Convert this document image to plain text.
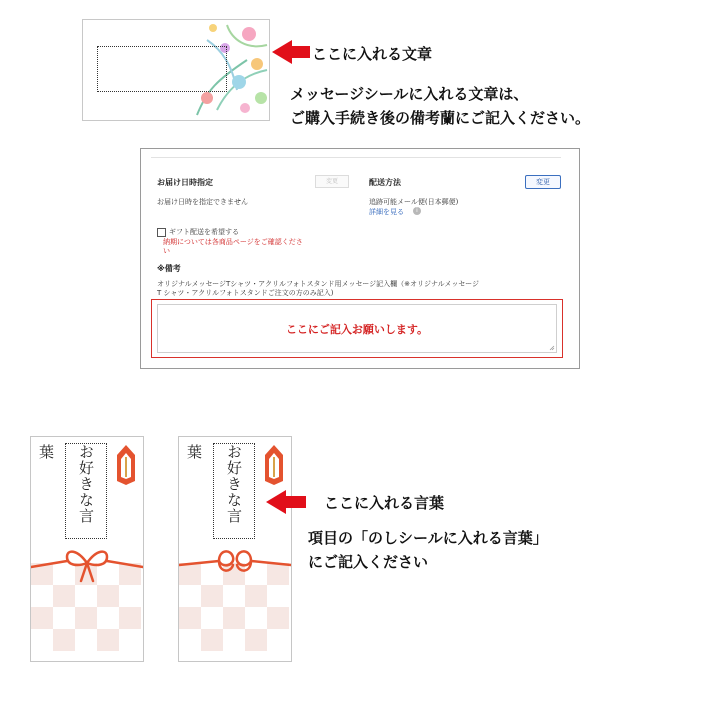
ここに入れる文章
メッセージシールに入れる文章は、
ご購入手続き後の備考蘭にご記入ください。
お届け日時指定	変更
お届け日時を指定できません
配送方法	変更
追跡可能メール便(日本郵便)
詳細を見る	i
ギフト配送を希望する
納期については各商品ページをご確認くださ
い
※備考
オリジナルメッセージTシャツ・アクリルフォトスタンド用メッセージ記入欄（※オリジナルメッセージ
T シャツ・アクリルフォトスタンドご注文の方のみ記入)
ここにご記入お願いします。
お好きな言葉	お好きな言葉
ここに入れる言葉
項目の「のしシールに入れる言葉」
にご記入ください
